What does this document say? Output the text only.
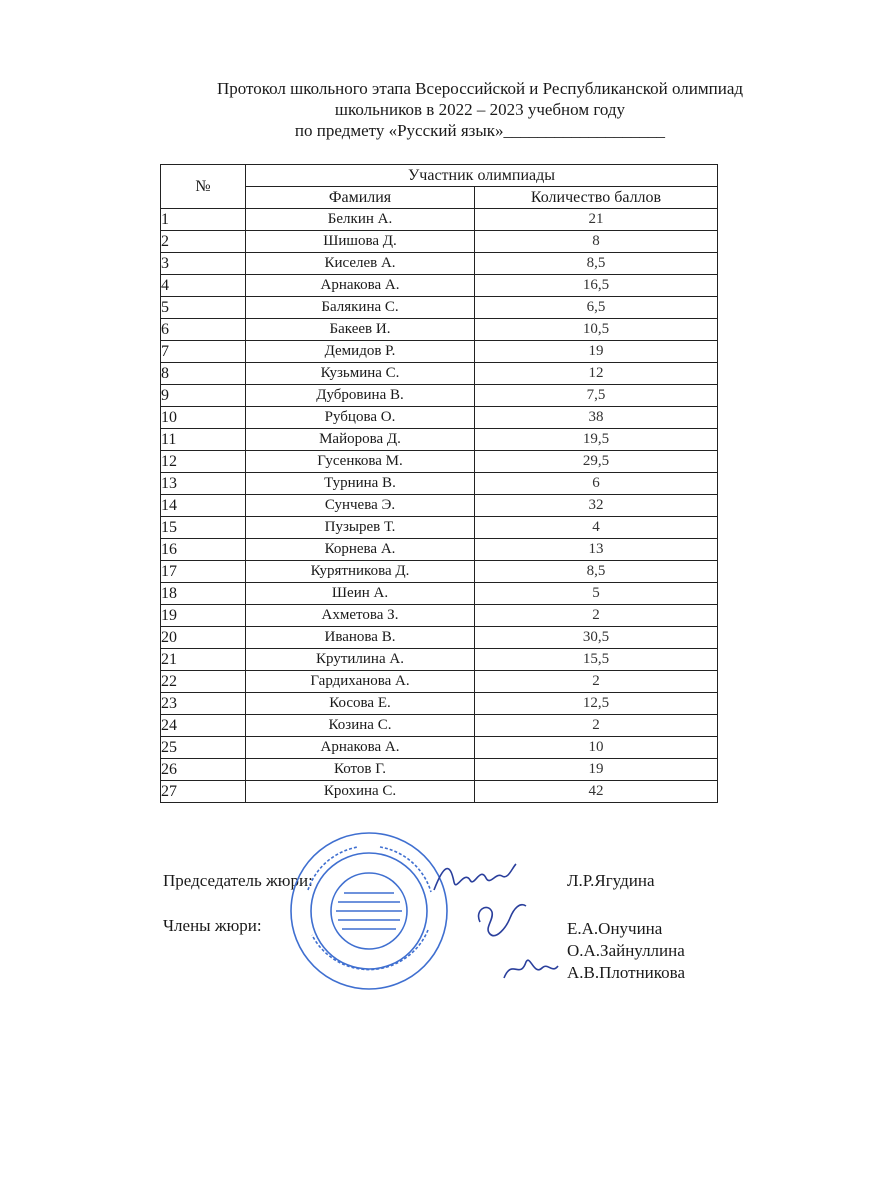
Протокол школьного этапа Всероссийской и Республиканской олимпиад
школьников в 2022 – 2023 учебном году
по предмету «Русский язык»___________________
№	Участник олимпиады	
	Фамилия	Количество баллов
1	Белкин А.	21
2	Шишова Д.	8
3	Киселев А.	8,5
4	Арнакова А.	16,5
5	Балякина С.	6,5
6	Бакеев И.	10,5
7	Демидов Р.	19
8	Кузьмина С.	12
9	Дубровина В.	7,5
10	Рубцова О.	38
11	Майорова Д.	19,5
12	Гусенкова М.	29,5
13	Турнина В.	6
14	Сунчева Э.	32
15	Пузырев Т.	4
16	Корнева А.	13
17	Курятникова Д.	8,5
18	Шеин А.	5
19	Ахметова З.	2
20	Иванова В.	30,5
21	Крутилина А.	15,5
22	Гардиханова А.	2
23	Косова Е.	12,5
24	Козина С.	2
25	Арнакова А.	10
26	Котов Г.	19
27	Крохина С.	42
Председатель жюри:	Л.Р.Ягудина
Члены жюри:	Е.А.Онучина
О.А.Зайнуллина
А.В.Плотникова
